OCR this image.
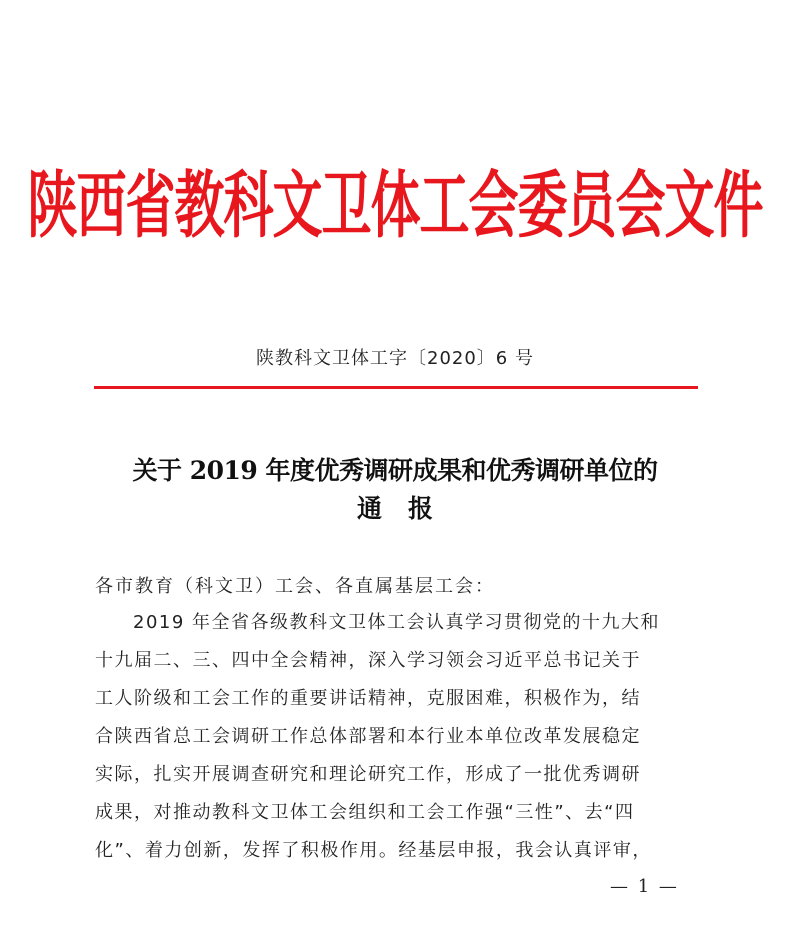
陕西省教科文卫体工会委员会文件
陕教科文卫体工字〔2020〕6 号
关于 2019 年度优秀调研成果和优秀调研单位的
通报
各市教育（科文卫）工会、各直属基层工会：
2019 年全省各级教科文卫体工会认真学习贯彻党的十九大和
十九届二、三、四中全会精神，深入学习领会习近平总书记关于
工人阶级和工会工作的重要讲话精神，克服困难，积极作为，结
合陕西省总工会调研工作总体部署和本行业本单位改革发展稳定
实际，扎实开展调查研究和理论研究工作，形成了一批优秀调研
成果，对推动教科文卫体工会组织和工会工作强“三性”、去“四
化”、着力创新，发挥了积极作用。经基层申报，我会认真评审，
— 1 —
